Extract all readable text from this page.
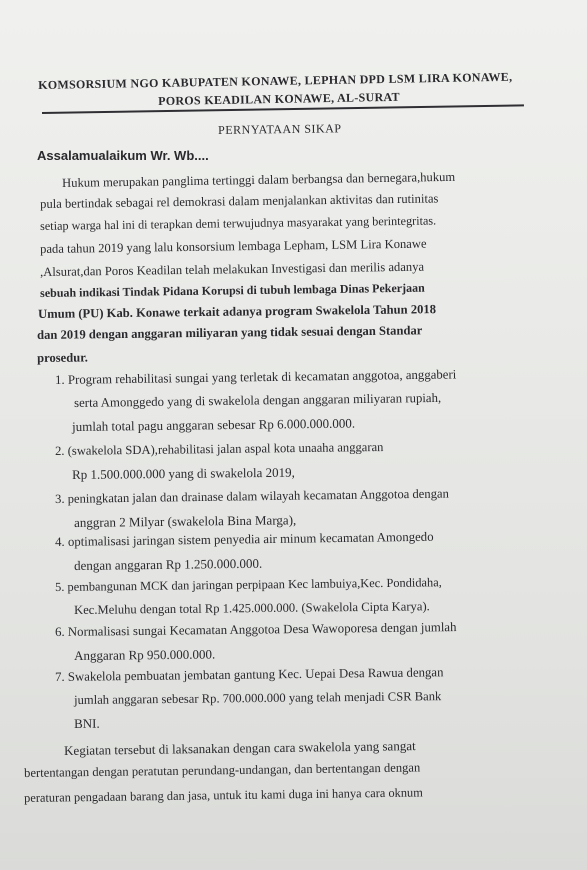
KOMSORSIUM NGO KABUPATEN KONAWE, LEPHAN DPD LSM LIRA KONAWE,
POROS KEADILAN KONAWE, AL-SURAT
PERNYATAAN SIKAP
Assalamualaikum Wr. Wb....
Hukum merupakan panglima tertinggi dalam berbangsa dan bernegara,hukum
pula bertindak sebagai rel demokrasi dalam menjalankan aktivitas dan rutinitas
setiap warga hal ini di terapkan demi terwujudnya masyarakat yang berintegritas.
pada tahun 2019 yang lalu konsorsium lembaga Lepham, LSM Lira Konawe
,Alsurat,dan Poros Keadilan telah melakukan Investigasi dan merilis adanya
sebuah indikasi Tindak Pidana Korupsi di tubuh lembaga Dinas Pekerjaan
Umum (PU) Kab. Konawe terkait adanya program Swakelola Tahun 2018
dan 2019 dengan anggaran miliyaran yang tidak sesuai dengan Standar
prosedur.
1. Program rehabilitasi sungai yang terletak di kecamatan anggotoa, anggaberi
serta Amonggedo yang di swakelola dengan anggaran miliyaran rupiah,
jumlah total pagu anggaran sebesar Rp 6.000.000.000.
2. (swakelola SDA),rehabilitasi jalan aspal kota unaaha anggaran
Rp 1.500.000.000 yang di swakelola 2019,
3. peningkatan jalan dan drainase dalam wilayah kecamatan Anggotoa dengan
anggran 2 Milyar (swakelola Bina Marga),
4. optimalisasi jaringan sistem penyedia air minum kecamatan Amongedo
dengan anggaran Rp 1.250.000.000.
5. pembangunan MCK dan jaringan perpipaan Kec lambuiya,Kec. Pondidaha,
Kec.Meluhu dengan total Rp 1.425.000.000. (Swakelola Cipta Karya).
6. Normalisasi sungai Kecamatan Anggotoa Desa Wawoporesa dengan jumlah
Anggaran Rp 950.000.000.
7. Swakelola pembuatan jembatan gantung Kec. Uepai Desa Rawua dengan
jumlah anggaran sebesar Rp. 700.000.000 yang telah menjadi CSR Bank
BNI.
Kegiatan tersebut di laksanakan dengan cara swakelola yang sangat
bertentangan dengan peratutan perundang-undangan, dan bertentangan dengan
peraturan pengadaan barang dan jasa, untuk itu kami duga ini hanya cara oknum
